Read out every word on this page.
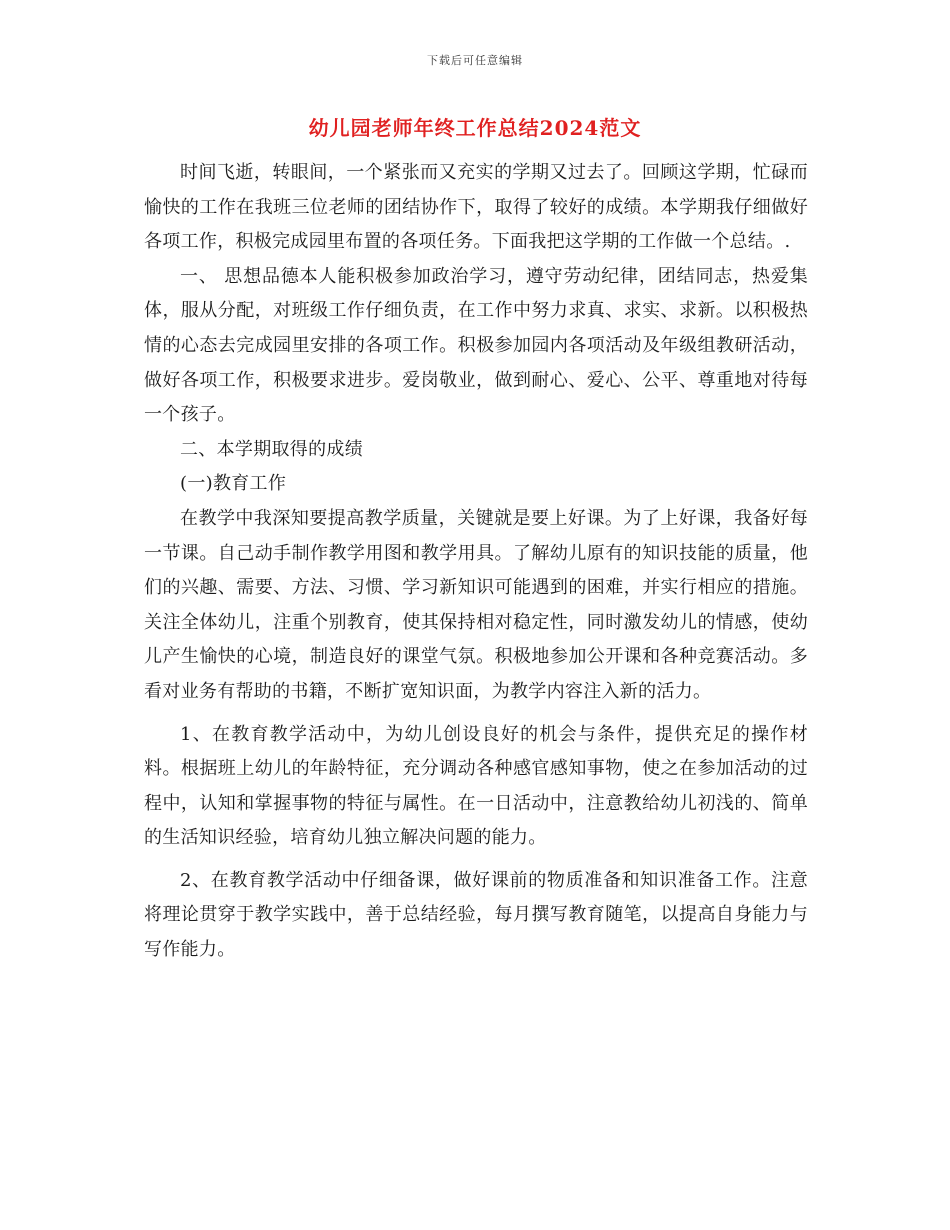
下载后可任意编辑
幼儿园老师年终工作总结2024范文

时间飞逝，转眼间，一个紧张而又充实的学期又过去了。回顾这学期，忙碌而愉快的工作在我班三位老师的团结协作下，取得了较好的成绩。本学期我仔细做好各项工作，积极完成园里布置的各项任务。下面我把这学期的工作做一个总结。.

一、 思想品德本人能积极参加政治学习，遵守劳动纪律，团结同志，热爱集体，服从分配，对班级工作仔细负责，在工作中努力求真、求实、求新。以积极热情的心态去完成园里安排的各项工作。积极参加园内各项活动及年级组教研活动，做好各项工作，积极要求进步。爱岗敬业，做到耐心、爱心、公平、尊重地对待每一个孩子。

二、本学期取得的成绩

(一)教育工作

在教学中我深知要提高教学质量，关键就是要上好课。为了上好课，我备好每一节课。自己动手制作教学用图和教学用具。了解幼儿原有的知识技能的质量，他们的兴趣、需要、方法、习惯、学习新知识可能遇到的困难，并实行相应的措施。关注全体幼儿，注重个别教育，使其保持相对稳定性，同时激发幼儿的情感，使幼儿产生愉快的心境，制造良好的课堂气氛。积极地参加公开课和各种竞赛活动。多看对业务有帮助的书籍，不断扩宽知识面，为教学内容注入新的活力。

1、在教育教学活动中，为幼儿创设良好的机会与条件，提供充足的操作材料。根据班上幼儿的年龄特征，充分调动各种感官感知事物，使之在参加活动的过程中，认知和掌握事物的特征与属性。在一日活动中，注意教给幼儿初浅的、简单的生活知识经验，培育幼儿独立解决问题的能力。

2、在教育教学活动中仔细备课，做好课前的物质准备和知识准备工作。注意将理论贯穿于教学实践中，善于总结经验，每月撰写教育随笔，以提高自身能力与写作能力。
